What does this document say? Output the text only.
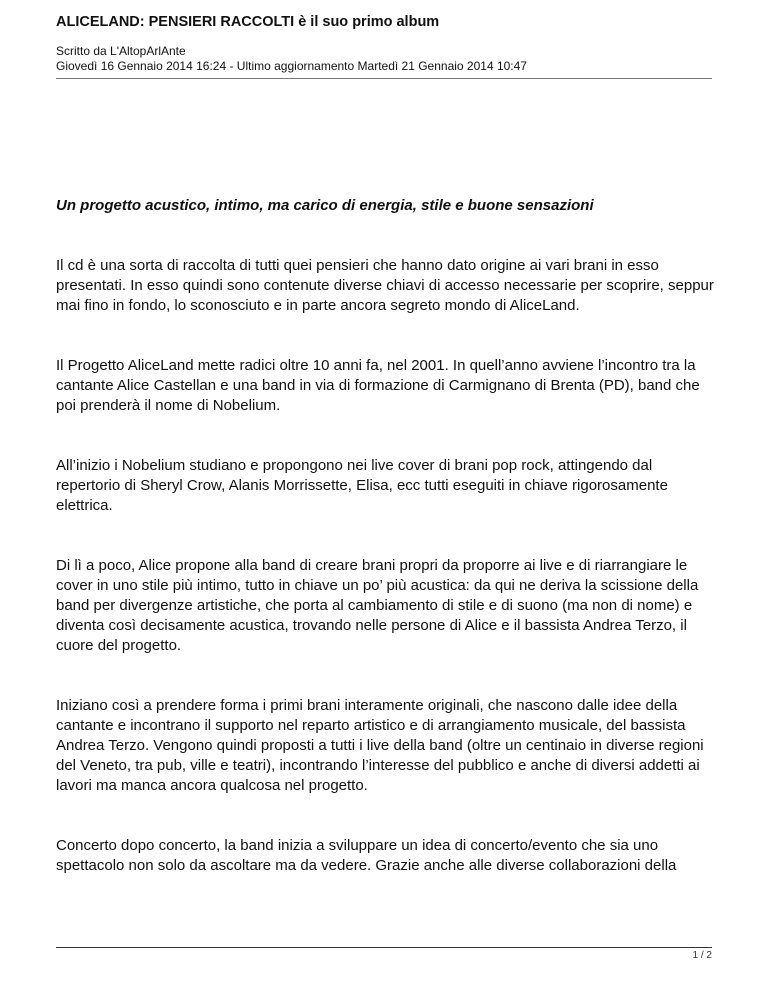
ALICELAND: PENSIERI RACCOLTI è il suo primo album
Scritto da L'AltopArlAnte
Giovedì 16 Gennaio 2014 16:24 - Ultimo aggiornamento Martedì 21 Gennaio 2014 10:47

Un progetto acustico, intimo, ma carico di energia, stile e buone sensazioni

Il cd è una sorta di raccolta di tutti quei pensieri che hanno dato origine ai vari brani in esso presentati. In esso quindi sono contenute diverse chiavi di accesso necessarie per scoprire, seppur mai fino in fondo, lo sconosciuto e in parte ancora segreto mondo di AliceLand.

Il Progetto AliceLand mette radici oltre 10 anni fa, nel 2001. In quell’anno avviene l’incontro tra la cantante Alice Castellan e una band in via di formazione di Carmignano di Brenta (PD), band che poi prenderà il nome di Nobelium.

All’inizio i Nobelium studiano e propongono nei live cover di brani pop rock, attingendo dal repertorio di Sheryl Crow, Alanis Morrissette, Elisa, ecc tutti eseguiti in chiave rigorosamente elettrica.

Di lì a poco, Alice propone alla band di creare brani propri da proporre ai live e di riarrangiare le cover in uno stile più intimo, tutto in chiave un po’ più acustica: da qui ne deriva la scissione della band per divergenze artistiche, che porta al cambiamento di stile e di suono (ma non di nome) e diventa così decisamente acustica, trovando nelle persone di Alice e il bassista Andrea Terzo, il cuore del progetto.

Iniziano così a prendere forma i primi brani interamente originali, che nascono dalle idee della cantante e incontrano il supporto nel reparto artistico e di arrangiamento musicale, del bassista Andrea Terzo. Vengono quindi proposti a tutti i live della band (oltre un centinaio in diverse regioni del Veneto, tra pub, ville e teatri), incontrando l’interesse del pubblico e anche di diversi addetti ai lavori ma manca ancora qualcosa nel progetto.

Concerto dopo concerto, la band inizia a sviluppare un idea di concerto/evento che sia uno spettacolo non solo da ascoltare ma da vedere. Grazie anche alle diverse collaborazioni della

1 / 2
